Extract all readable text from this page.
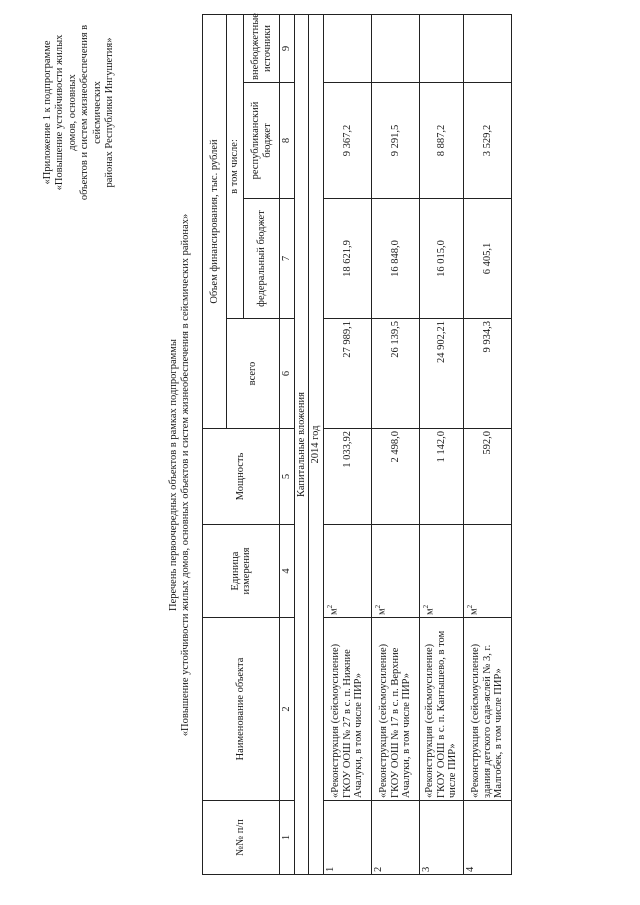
«Приложение 1 к подпрограмме «Повышение устойчивости жилых домов, основных объектов и систем жизнеобеспечения в сейсмических районах Республики Ингушетия»
Перечень первоочередных объектов в рамках подпрограммы «Повышение устойчивости жилых домов, основных объектов и систем жизнеобеспечения в сейсмических районах»
№№ п/п	Наименование объекта	Единица измерения	Мощность	Объем финансирования, тыс. рублей			
				всего	в том числе:		
					федеральный бюджет	республиканский бюджет	внебюджетные источники
1	2	4	5	6	7	8	9
Капитальные вложения							
2014 год							
1	«Реконструкция (сейсмоусиление) ГКОУ ООШ № 27 в с. п. Нижние Ачалуки, в том числе ПИР»	$м^2$	1 033,92	27 989,1	18 621,9	9 367,2	
2	«Реконструкция (сейсмоусиление) ГКОУ ООШ № 17 в с. п. Верхние Ачалуки, в том числе ПИР»	$м^2$	2 498,0	26 139,5	16 848,0	9 291,5	
3	«Реконструкция (сейсмоусиление) ГКОУ ООШ в с. п. Кантышево, в том числе ПИР»	$м^2$	1 142,0	24 902,21	16 015,0	8 887,2	
4	«Реконструкция (сейсмоусиление) здания детского сада-яслей № 3, г. Малгобек, в том числе ПИР»	$м^2$	592,0	9 934,3	6 405,1	3 529,2	
